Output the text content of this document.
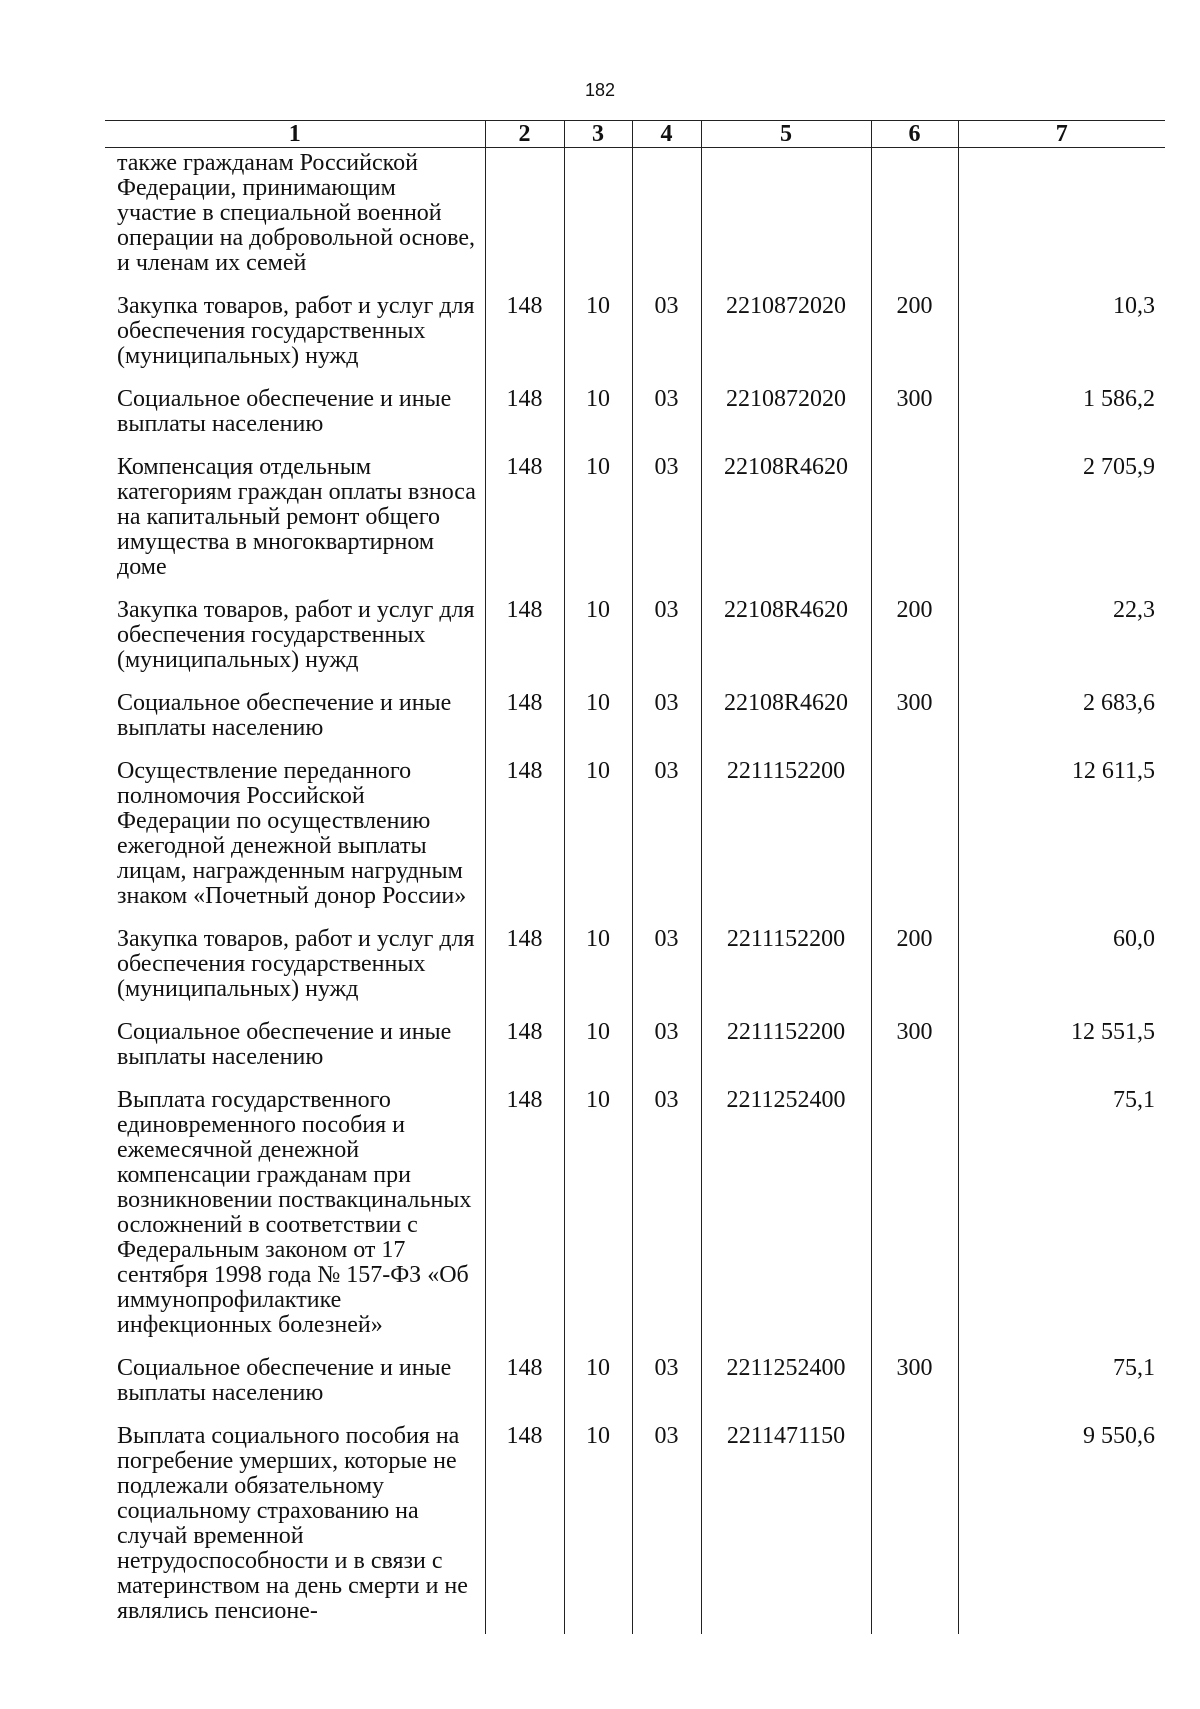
182
1	2	3	4	5	6	7
также гражданам Российской Федерации, принимающим участие в специальной военной операции на добровольной основе, и членам их семей						
Закупка товаров, работ и услуг для обеспечения государственных (муниципальных) нужд	148	10	03	2210872020	200	10,3
Социальное обеспечение и иные выплаты населению	148	10	03	2210872020	300	1 586,2
Компенсация отдельным категориям граждан оплаты взноса на капитальный ремонт общего имущества в многоквартирном доме	148	10	03	22108R4620		2 705,9
Закупка товаров, работ и услуг для обеспечения государственных (муниципальных) нужд	148	10	03	22108R4620	200	22,3
Социальное обеспечение и иные выплаты населению	148	10	03	22108R4620	300	2 683,6
Осуществление переданного полномочия Российской Федерации по осуществлению ежегодной денежной выплаты лицам, награжденным нагрудным знаком «Почетный донор России»	148	10	03	2211152200		12 611,5
Закупка товаров, работ и услуг для обеспечения государственных (муниципальных) нужд	148	10	03	2211152200	200	60,0
Социальное обеспечение и иные выплаты населению	148	10	03	2211152200	300	12 551,5
Выплата государственного единовременного пособия и ежемесячной денежной компенсации гражданам при возникновении поствакцинальных осложнений в соответствии с Федеральным законом от 17 сентября 1998 года № 157-ФЗ «Об иммунопрофилактике инфекционных болезней»	148	10	03	2211252400		75,1
Социальное обеспечение и иные выплаты населению	148	10	03	2211252400	300	75,1
Выплата социального пособия на погребение умерших, которые не подлежали обязательному социальному страхованию на случай временной нетрудоспособности и в связи с материнством на день смерти и не являлись пенсионе-	148	10	03	2211471150		9 550,6
